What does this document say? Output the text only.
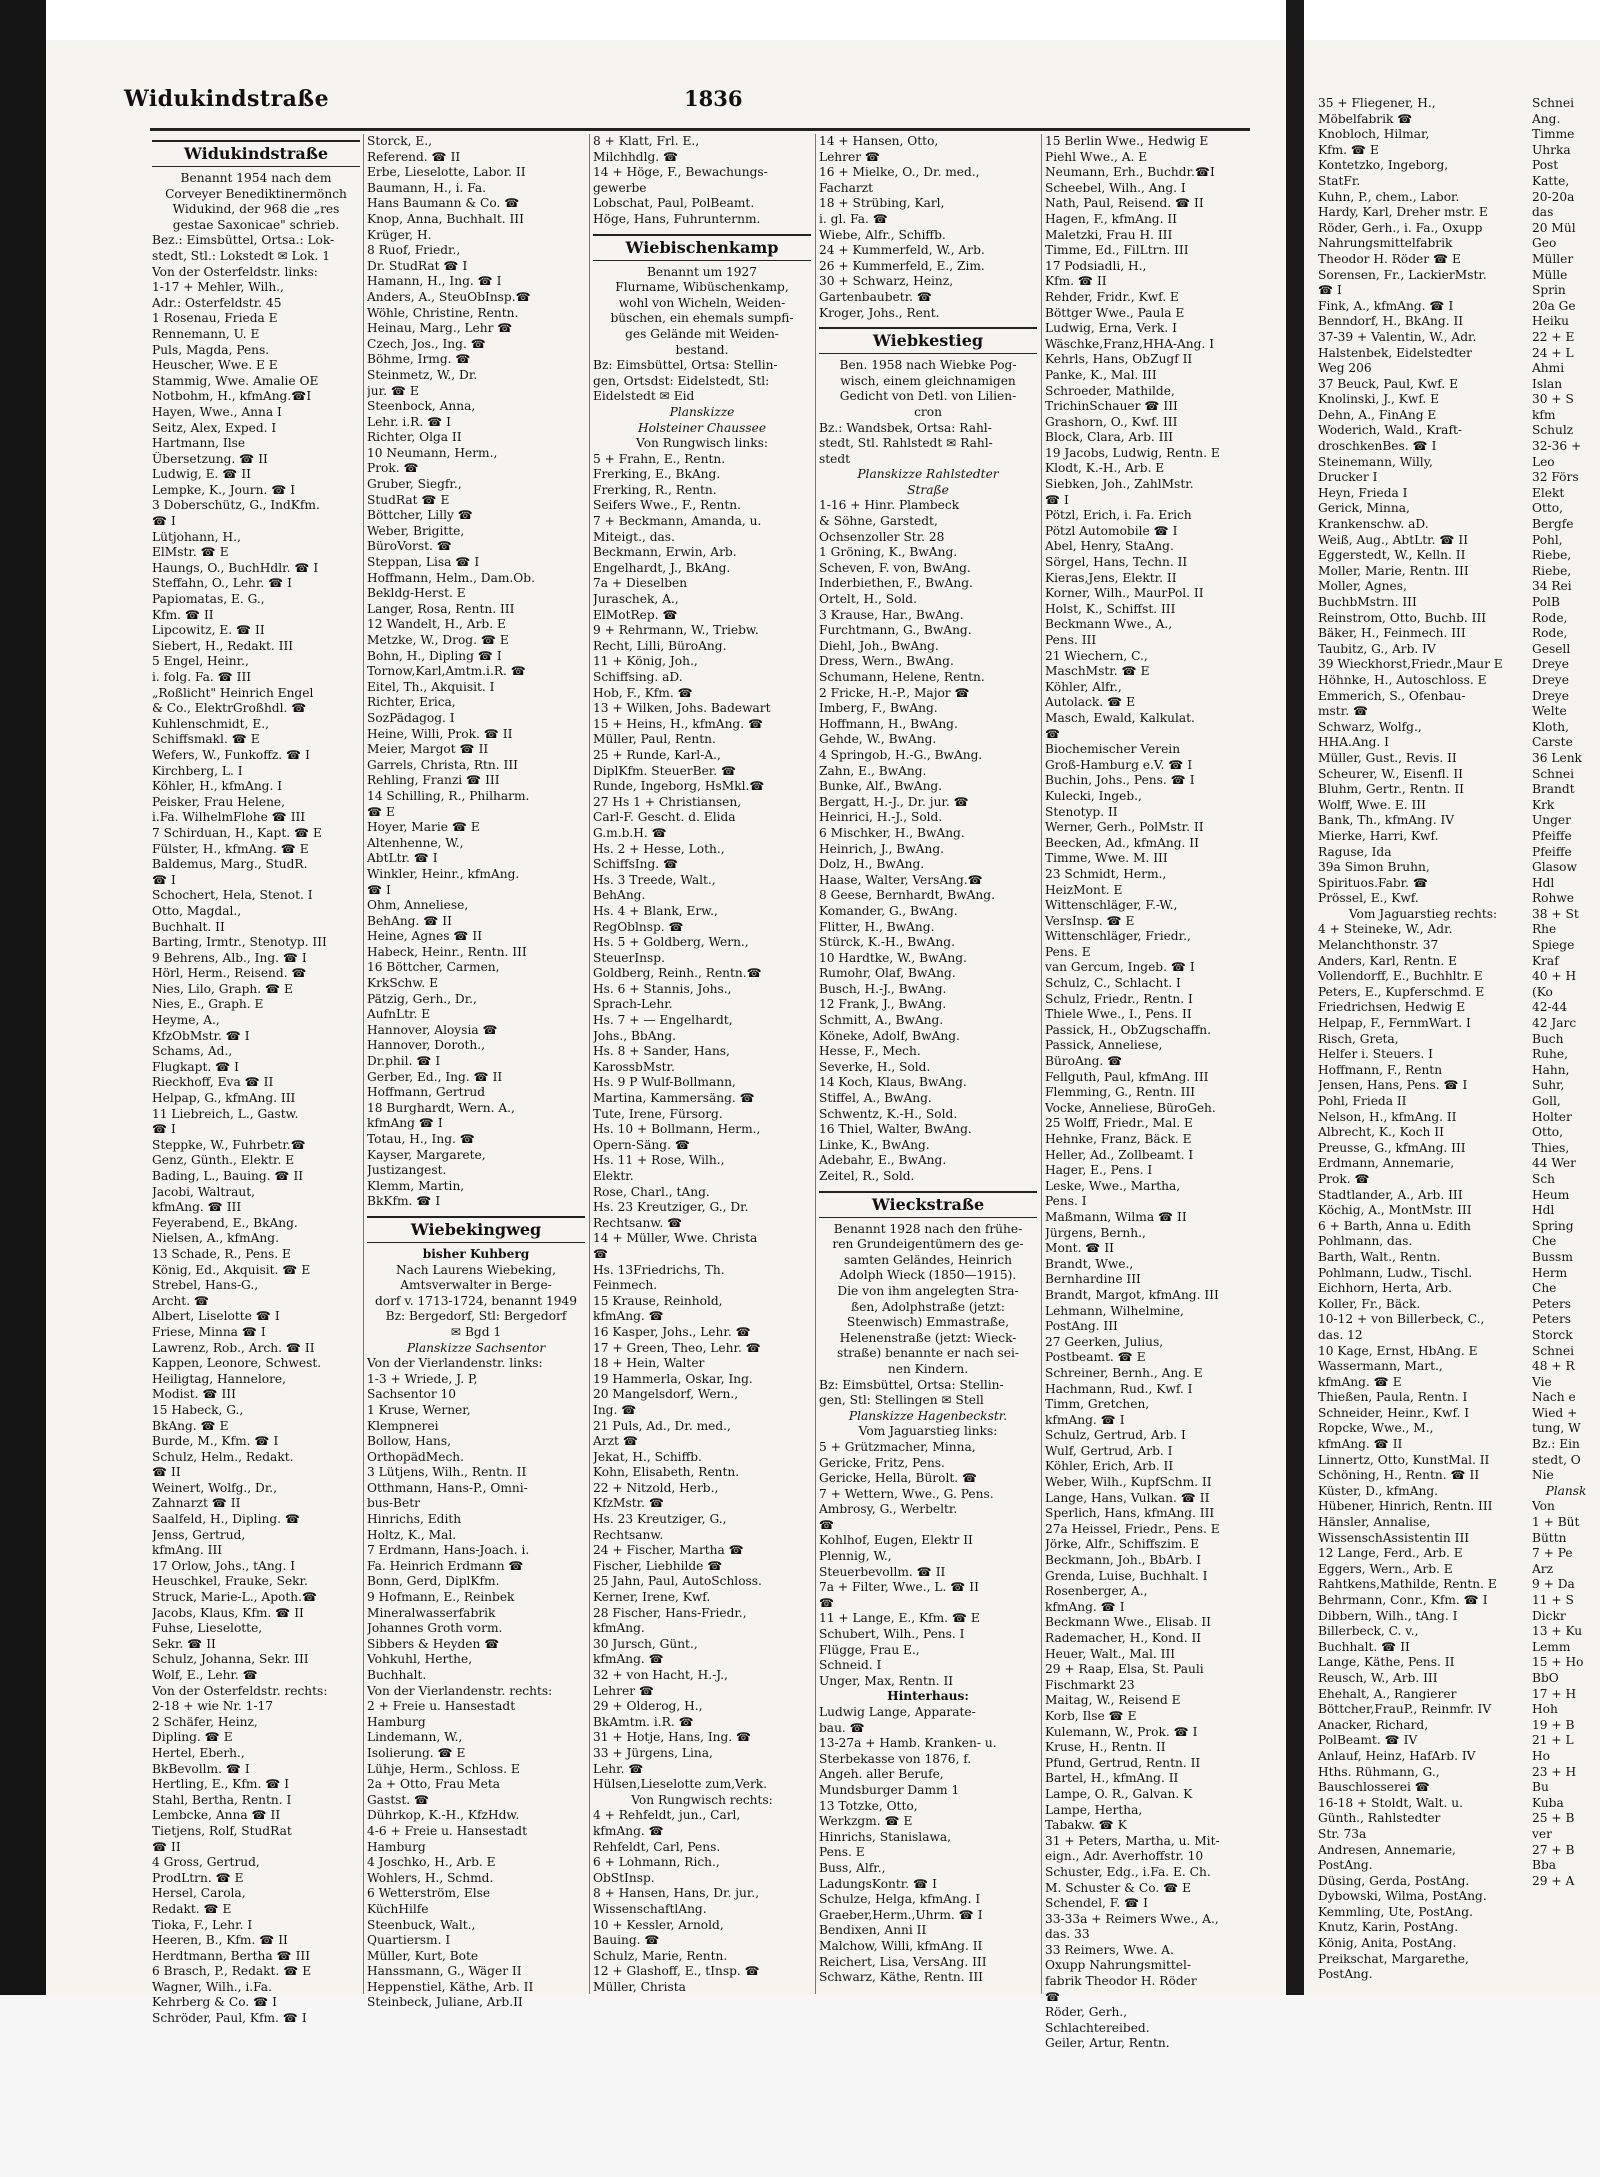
Widukindstraße	1836
Widukindstraße
Benannt 1954 nach dem
Corveyer Benediktinermönch
Widukind, der 968 die „res
gestae Saxonicae" schrieb.
Bez.: Eimsbüttel, Ortsa.: Lok-
stedt, Stl.: Lokstedt ✉ Lok. 1
Von der Osterfeldstr. links:
1-17 + Mehler, Wilh.,
Adr.: Osterfeldstr. 45
1 Rosenau, Frieda E
Rennemann, U. E
Puls, Magda, Pens.
Heuscher, Wwe. E E
Stammig, Wwe. Amalie OE
Notbohm, H., kfmAng.☎I
Hayen, Wwe., Anna I
Seitz, Alex, Exped. I
Hartmann, Ilse
Übersetzung. ☎ II
Ludwig, E. ☎ II
Lempke, K., Journ. ☎ I
3 Doberschütz, G., IndKfm.
☎ I
Lütjohann, H.,
ElMstr. ☎ E
Haungs, O., BuchHdlr. ☎ I
Steffahn, O., Lehr. ☎ I
Papiomatas, E. G.,
Kfm. ☎ II
Lipcowitz, E. ☎ II
Siebert, H., Redakt. III
5 Engel, Heinr.,
i. folg. Fa. ☎ III
„Roßlicht" Heinrich Engel
& Co., ElektrGroßhdl. ☎
Kuhlenschmidt, E.,
Schiffsmakl. ☎ E
Wefers, W., Funkoffz. ☎ I
Kirchberg, L. I
Köhler, H., kfmAng. I
Peisker, Frau Helene,
i.Fa. WilhelmFlohe ☎ III
7 Schirduan, H., Kapt. ☎ E
Fülster, H., kfmAng. ☎ E
Baldemus, Marg., StudR.
☎ I
Schochert, Hela, Stenot. I
Otto, Magdal.,
Buchhalt. II
Barting, Irmtr., Stenotyp. III
9 Behrens, Alb., Ing. ☎ I
Hörl, Herm., Reisend. ☎
Nies, Lilo, Graph. ☎ E
Nies, E., Graph. E
Heyme, A.,
KfzObMstr. ☎ I
Schams, Ad.,
Flugkapt. ☎ I
Rieckhoff, Eva ☎ II
Helpap, G., kfmAng. III
11 Liebreich, L., Gastw.
☎ I
Steppke, W., Fuhrbetr.☎
Genz, Günth., Elektr. E
Bading, L., Bauing. ☎ II
Jacobi, Waltraut,
kfmAng. ☎ III
Feyerabend, E., BkAng.
Nielsen, A., kfmAng.
13 Schade, R., Pens. E
König, Ed., Akquisit. ☎ E
Strebel, Hans-G.,
Archt. ☎
Albert, Liselotte ☎ I
Friese, Minna ☎ I
Lawrenz, Rob., Arch. ☎ II
Kappen, Leonore, Schwest.
Heiligtag, Hannelore,
Modist. ☎ III
15 Habeck, G.,
BkAng. ☎ E
Burde, M., Kfm. ☎ I
Schulz, Helm., Redakt.
☎ II
Weinert, Wolfg., Dr.,
Zahnarzt ☎ II
Saalfeld, H., Dipling. ☎
Jenss, Gertrud,
kfmAng. III
17 Orlow, Johs., tAng. I
Heuschkel, Frauke, Sekr.
Struck, Marie-L., Apoth.☎
Jacobs, Klaus, Kfm. ☎ II
Fuhse, Lieselotte,
Sekr. ☎ II
Schulz, Johanna, Sekr. III
Wolf, E., Lehr. ☎
Von der Osterfeldstr. rechts:
2-18 + wie Nr. 1-17
2 Schäfer, Heinz,
Dipling. ☎ E
Hertel, Eberh.,
BkBevollm. ☎ I
Hertling, E., Kfm. ☎ I
Stahl, Bertha, Rentn. I
Lembcke, Anna ☎ II
Tietjens, Rolf, StudRat
☎ II
4 Gross, Gertrud,
ProdLtrn. ☎ E
Hersel, Carola,
Redakt. ☎ E
Tioka, F., Lehr. I
Heeren, B., Kfm. ☎ II
Herdtmann, Bertha ☎ III
6 Brasch, P., Redakt. ☎ E
Wagner, Wilh., i.Fa.
Kehrberg & Co. ☎ I
Schröder, Paul, Kfm. ☎ I
Storck, E.,
Referend. ☎ II
Erbe, Lieselotte, Labor. II
Baumann, H., i. Fa.
Hans Baumann & Co. ☎
Knop, Anna, Buchhalt. III
Krüger, H.
8 Ruof, Friedr.,
Dr. StudRat ☎ I
Hamann, H., Ing. ☎ I
Anders, A., SteuObInsp.☎
Wöhle, Christine, Rentn.
Heinau, Marg., Lehr ☎
Czech, Jos., Ing. ☎
Böhme, Irmg. ☎
Steinmetz, W., Dr.
jur. ☎ E
Steenbock, Anna,
Lehr. i.R. ☎ I
Richter, Olga II
10 Neumann, Herm.,
Prok. ☎
Gruber, Siegfr.,
StudRat ☎ E
Böttcher, Lilly ☎
Weber, Brigitte,
BüroVorst. ☎
Steppan, Lisa ☎ I
Hoffmann, Helm., Dam.Ob.
Bekldg-Herst. E
Langer, Rosa, Rentn. III
12 Wandelt, H., Arb. E
Metzke, W., Drog. ☎ E
Bohn, H., Dipling ☎ I
Tornow,Karl,Amtm.i.R. ☎
Eitel, Th., Akquisit. I
Richter, Erica,
SozPädagog. I
Heine, Willi, Prok. ☎ II
Meier, Margot ☎ II
Garrels, Christa, Rtn. III
Rehling, Franzi ☎ III
14 Schilling, R., Philharm.
☎ E
Hoyer, Marie ☎ E
Altenhenne, W.,
AbtLtr. ☎ I
Winkler, Heinr., kfmAng.
☎ I
Ohm, Anneliese,
BehAng. ☎ II
Heine, Agnes ☎ II
Habeck, Heinr., Rentn. III
16 Böttcher, Carmen,
KrkSchw. E
Pätzig, Gerh., Dr.,
AufnLtr. E
Hannover, Aloysia ☎
Hannover, Doroth.,
Dr.phil. ☎ I
Gerber, Ed., Ing. ☎ II
Hoffmann, Gertrud
18 Burghardt, Wern. A.,
kfmAng ☎ I
Totau, H., Ing. ☎
Kayser, Margarete,
Justizangest.
Klemm, Martin,
BkKfm. ☎ I
Wiebekingweg
bisher Kuhberg
Nach Laurens Wiebeking,
Amtsverwalter in Berge-
dorf v. 1713-1724, benannt 1949
Bz: Bergedorf, Stl: Bergedorf
✉ Bgd 1
Planskizze Sachsentor
Von der Vierlandenstr. links:
1-3 + Wriede, J. P,
Sachsentor 10
1 Kruse, Werner,
Klempnerei
Bollow, Hans,
OrthopädMech.
3 Lütjens, Wilh., Rentn. II
Otthmann, Hans-P., Omni-
bus-Betr
Hinrichs, Edith
Holtz, K., Mal.
7 Erdmann, Hans-Joach. i.
Fa. Heinrich Erdmann ☎
Bonn, Gerd, DiplKfm.
9 Hofmann, E., Reinbek
Mineralwasserfabrik
Johannes Groth vorm.
Sibbers & Heyden ☎
Vohkuhl, Herthe,
Buchhalt.
Von der Vierlandenstr. rechts:
2 + Freie u. Hansestadt
Hamburg
Lindemann, W.,
Isolierung. ☎ E
Lühje, Herm., Schloss. E
2a + Otto, Frau Meta
Gastst. ☎
Dührkop, K.-H., KfzHdw.
4-6 + Freie u. Hansestadt
Hamburg
4 Joschko, H., Arb. E
Wohlers, H., Schmd.
6 Wetterström, Else
KüchHilfe
Steenbuck, Walt.,
Quartiersm. I
Müller, Kurt, Bote
Hanssmann, G., Wäger II
Heppenstiel, Käthe, Arb. II
Steinbeck, Juliane, Arb.II
8 + Klatt, Frl. E.,
Milchhdlg. ☎
14 + Höge, F., Bewachungs-
gewerbe
Lobschat, Paul, PolBeamt.
Höge, Hans, Fuhrunternm.
Wiebischenkamp
Benannt um 1927
Flurname, Wibüschenkamp,
wohl von Wicheln, Weiden-
büschen, ein ehemals sumpfi-
ges Gelände mit Weiden-
bestand.
Bz: Eimsbüttel, Ortsa: Stellin-
gen, Ortsdst: Eidelstedt, Stl:
Eidelstedt ✉ Eid
Planskizze
Holsteiner Chaussee
Von Rungwisch links:
5 + Frahn, E., Rentn.
Frerking, E., BkAng.
Frerking, R., Rentn.
Seifers Wwe., F., Rentn.
7 + Beckmann, Amanda, u.
Miteigt., das.
Beckmann, Erwin, Arb.
Engelhardt, J., BkAng.
7a + Dieselben
Juraschek, A.,
ElMotRep. ☎
9 + Rehrmann, W., Triebw.
Recht, Lilli, BüroAng.
11 + König, Joh.,
Schiffsing. aD.
Hob, F., Kfm. ☎
13 + Wilken, Johs. Badewart
15 + Heins, H., kfmAng. ☎
Müller, Paul, Rentn.
25 + Runde, Karl-A.,
DiplKfm. SteuerBer. ☎
Runde, Ingeborg, HsMkl.☎
27 Hs 1 + Christiansen,
Carl-F. Gescht. d. Elida
G.m.b.H. ☎
Hs. 2 + Hesse, Loth.,
SchiffsIng. ☎
Hs. 3 Treede, Walt.,
BehAng.
Hs. 4 + Blank, Erw.,
RegOblnsp. ☎
Hs. 5 + Goldberg, Wern.,
SteuerInsp.
Goldberg, Reinh., Rentn.☎
Hs. 6 + Stannis, Johs.,
Sprach-Lehr.
Hs. 7 + — Engelhardt,
Johs., BbAng.
Hs. 8 + Sander, Hans,
KarossbMstr.
Hs. 9 P Wulf-Bollmann,
Martina, Kammersäng. ☎
Tute, Irene, Fürsorg.
Hs. 10 + Bollmann, Herm.,
Opern-Säng. ☎
Hs. 11 + Rose, Wilh.,
Elektr.
Rose, Charl., tAng.
Hs. 23 Kreutziger, G., Dr.
Rechtsanw. ☎
14 + Müller, Wwe. Christa
☎
Hs. 13Friedrichs, Th.
Feinmech.
15 Krause, Reinhold,
kfmAng. ☎
16 Kasper, Johs., Lehr. ☎
17 + Green, Theo, Lehr. ☎
18 + Hein, Walter
19 Hammerla, Oskar, Ing.
20 Mangelsdorf, Wern.,
Ing. ☎
21 Puls, Ad., Dr. med.,
Arzt ☎
Jekat, H., Schiffb.
Kohn, Elisabeth, Rentn.
22 + Nitzold, Herb.,
KfzMstr. ☎
Hs. 23 Kreutziger, G.,
Rechtsanw.
24 + Fischer, Martha ☎
Fischer, Liebhilde ☎
25 Jahn, Paul, AutoSchloss.
Kerner, Irene, Kwf.
28 Fischer, Hans-Friedr.,
kfmAng.
30 Jursch, Günt.,
kfmAng. ☎
32 + von Hacht, H.-J.,
Lehrer ☎
29 + Olderog, H.,
BkAmtm. i.R. ☎
31 + Hotje, Hans, Ing. ☎
33 + Jürgens, Lina,
Lehr. ☎
Hülsen,Lieselotte zum,Verk.
Von Rungwisch rechts:
4 + Rehfeldt, jun., Carl,
kfmAng. ☎
Rehfeldt, Carl, Pens.
6 + Lohmann, Rich.,
ObStInsp.
8 + Hansen, Hans, Dr. jur.,
WissenschaftlAng.
10 + Kessler, Arnold,
Bauing. ☎
Schulz, Marie, Rentn.
12 + Glashoff, E., tInsp. ☎
Müller, Christa
14 + Hansen, Otto,
Lehrer ☎
16 + Mielke, O., Dr. med.,
Facharzt
18 + Strübing, Karl,
i. gl. Fa. ☎
Wiebe, Alfr., Schiffb.
24 + Kummerfeld, W., Arb.
26 + Kummerfeld, E., Zim.
30 + Schwarz, Heinz,
Gartenbaubetr. ☎
Kroger, Johs., Rent.
Wiebkestieg
Ben. 1958 nach Wiebke Pog-
wisch, einem gleichnamigen
Gedicht von Detl. von Lilien-
cron
Bz.: Wandsbek, Ortsa: Rahl-
stedt, Stl. Rahlstedt ✉ Rahl-
stedt
Planskizze Rahlstedter
Straße
1-16 + Hinr. Plambeck
& Söhne, Garstedt,
Ochsenzoller Str. 28
1 Gröning, K., BwAng.
Scheven, F. von, BwAng.
Inderbiethen, F., BwAng.
Ortelt, H., Sold.
3 Krause, Har., BwAng.
Furchtmann, G., BwAng.
Diehl, Joh., BwAng.
Dress, Wern., BwAng.
Schumann, Helene, Rentn.
2 Fricke, H.-P., Major ☎
Imberg, F., BwAng.
Hoffmann, H., BwAng.
Gehde, W., BwAng.
4 Springob, H.-G., BwAng.
Zahn, E., BwAng.
Bunke, Alf., BwAng.
Bergatt, H.-J., Dr. jur. ☎
Heinrici, H.-J., Sold.
6 Mischker, H., BwAng.
Heinrich, J., BwAng.
Dolz, H., BwAng.
Haase, Walter, VersAng.☎
8 Geese, Bernhardt, BwAng.
Komander, G., BwAng.
Flitter, H., BwAng.
Stürck, K.-H., BwAng.
10 Hardtke, W., BwAng.
Rumohr, Olaf, BwAng.
Busch, H.-J., BwAng.
12 Frank, J., BwAng.
Schmitt, A., BwAng.
Köneke, Adolf, BwAng.
Hesse, F., Mech.
Severke, H., Sold.
14 Koch, Klaus, BwAng.
Stiffel, A., BwAng.
Schwentz, K.-H., Sold.
16 Thiel, Walter, BwAng.
Linke, K., BwAng.
Adebahr, E., BwAng.
Zeitel, R., Sold.
Wieckstraße
Benannt 1928 nach den frühe-
ren Grundeigentümern des ge-
samten Geländes, Heinrich
Adolph Wieck (1850—1915).
Die von ihm angelegten Stra-
ßen, Adolphstraße (jetzt:
Steenwisch) Emmastraße,
Helenenstraße (jetzt: Wieck-
straße) benannte er nach sei-
nen Kindern.
Bz: Eimsbüttel, Ortsa: Stellin-
gen, Stl: Stellingen ✉ Stell
Planskizze Hagenbeckstr.
Vom Jaguarstieg links:
5 + Grützmacher, Minna,
Gericke, Fritz, Pens.
Gericke, Hella, Bürolt. ☎
7 + Wettern, Wwe., G. Pens.
Ambrosy, G., Werbeltr.
☎
Kohlhof, Eugen, Elektr II
Plennig, W.,
Steuerbevollm. ☎ II
7a + Filter, Wwe., L. ☎ II
☎
11 + Lange, E., Kfm. ☎ E
Schubert, Wilh., Pens. I
Flügge, Frau E.,
Schneid. I
Unger, Max, Rentn. II
Hinterhaus:
Ludwig Lange, Apparate-
bau. ☎
13-27a + Hamb. Kranken- u.
Sterbekasse von 1876, f.
Angeh. aller Berufe,
Mundsburger Damm 1
13 Totzke, Otto,
Werkzgm. ☎ E
Hinrichs, Stanislawa,
Pens. E
Buss, Alfr.,
LadungsKontr. ☎ I
Schulze, Helga, kfmAng. I
Graeber,Herm.,Uhrm. ☎ I
Bendixen, Anni II
Malchow, Willi, kfmAng. II
Reichert, Lisa, VersAng. III
Schwarz, Käthe, Rentn. III
15 Berlin Wwe., Hedwig E
Piehl Wwe., A. E
Neumann, Erh., Buchdr.☎I
Scheebel, Wilh., Ang. I
Nath, Paul, Reisend. ☎ II
Hagen, F., kfmAng. II
Maletzki, Frau H. III
Timme, Ed., FilLtrn. III
17 Podsiadli, H.,
Kfm. ☎ II
Rehder, Fridr., Kwf. E
Böttger Wwe., Paula E
Ludwig, Erna, Verk. I
Wäschke,Franz,HHA-Ang. I
Kehrls, Hans, ObZugf II
Panke, K., Mal. III
Schroeder, Mathilde,
TrichinSchauer ☎ III
Grashorn, O., Kwf. III
Block, Clara, Arb. III
19 Jacobs, Ludwig, Rentn. E
Klodt, K.-H., Arb. E
Siebken, Joh., ZahlMstr.
☎ I
Pötzl, Erich, i. Fa. Erich
Pötzl Automobile ☎ I
Abel, Henry, StaAng.
Sörgel, Hans, Techn. II
Kieras,Jens, Elektr. II
Korner, Wilh., MaurPol. II
Holst, K., Schiffst. III
Beckmann Wwe., A.,
Pens. III
21 Wiechern, C.,
MaschMstr. ☎ E
Köhler, Alfr.,
Autolack. ☎ E
Masch, Ewald, Kalkulat.
☎
Biochemischer Verein
Groß-Hamburg e.V. ☎ I
Buchin, Johs., Pens. ☎ I
Kulecki, Ingeb.,
Stenotyp. II
Werner, Gerh., PolMstr. II
Beecken, Ad., kfmAng. II
Timme, Wwe. M. III
23 Schmidt, Herm.,
HeizMont. E
Wittenschläger, F.-W.,
VersInsp. ☎ E
Wittenschläger, Friedr.,
Pens. E
van Gercum, Ingeb. ☎ I
Schulz, C., Schlacht. I
Schulz, Friedr., Rentn. I
Thiele Wwe., I., Pens. II
Passick, H., ObZugschaffn.
Passick, Anneliese,
BüroAng. ☎
Fellguth, Paul, kfmAng. III
Flemming, G., Rentn. III
Vocke, Anneliese, BüroGeh.
25 Wolff, Friedr., Mal. E
Hehnke, Franz, Bäck. E
Heller, Ad., Zollbeamt. I
Hager, E., Pens. I
Leske, Wwe., Martha,
Pens. I
Maßmann, Wilma ☎ II
Jürgens, Bernh.,
Mont. ☎ II
Brandt, Wwe.,
Bernhardine III
Brandt, Margot, kfmAng. III
Lehmann, Wilhelmine,
PostAng. III
27 Geerken, Julius,
Postbeamt. ☎ E
Schreiner, Bernh., Ang. E
Hachmann, Rud., Kwf. I
Timm, Gretchen,
kfmAng. ☎ I
Schulz, Gertrud, Arb. I
Wulf, Gertrud, Arb. I
Köhler, Erich, Arb. II
Weber, Wilh., KupfSchm. II
Lange, Hans, Vulkan. ☎ II
Sperlich, Hans, kfmAng. III
27a Heissel, Friedr., Pens. E
Jörke, Alfr., Schiffszim. E
Beckmann, Joh., BbArb. I
Grenda, Luise, Buchhalt. I
Rosenberger, A.,
kfmAng. ☎ I
Beckmann Wwe., Elisab. II
Rademacher, H., Kond. II
Heuer, Walt., Mal. III
29 + Raap, Elsa, St. Pauli
Fischmarkt 23
Maitag, W., Reisend E
Korb, Ilse ☎ E
Kulemann, W., Prok. ☎ I
Kruse, H., Rentn. II
Pfund, Gertrud, Rentn. II
Bartel, H., kfmAng. II
Lampe, O. R., Galvan. K
Lampe, Hertha,
Tabakw. ☎ K
31 + Peters, Martha, u. Mit-
eign., Adr. Averhoffstr. 10
Schuster, Edg., i.Fa. E. Ch.
M. Schuster & Co. ☎ E
Schendel, F. ☎ I
33-33a + Reimers Wwe., A.,
das. 33
33 Reimers, Wwe. A.
Oxupp Nahrungsmittel-
fabrik Theodor H. Röder
☎
Röder, Gerh.,
Schlachtereibed.
Geiler, Artur, Rentn.
35 + Fliegener, H.,
Möbelfabrik ☎
Knobloch, Hilmar,
Kfm. ☎ E
Kontetzko, Ingeborg,
StatFr.
Kuhn, P., chem., Labor.
Hardy, Karl, Dreher mstr. E
Röder, Gerh., i. Fa., Oxupp
Nahrungsmittelfabrik
Theodor H. Röder ☎ E
Sorensen, Fr., LackierMstr.
☎ I
Fink, A., kfmAng. ☎ I
Benndorf, H., BkAng. II
37-39 + Valentin, W., Adr.
Halstenbek, Eidelstedter
Weg 206
37 Beuck, Paul, Kwf. E
Knolinski, J., Kwf. E
Dehn, A., FinAng E
Woderich, Wald., Kraft-
droschkenBes. ☎ I
Steinemann, Willy,
Drucker I
Heyn, Frieda I
Gerick, Minna,
Krankenschw. aD.
Weiß, Aug., AbtLtr. ☎ II
Eggerstedt, W., Kelln. II
Moller, Marie, Rentn. III
Moller, Agnes,
BuchbMstrn. III
Reinstrom, Otto, Buchb. III
Bäker, H., Feinmech. III
Taubitz, G., Arb. IV
39 Wieckhorst,Friedr.,Maur E
Höhnke, H., Autoschloss. E
Emmerich, S., Ofenbau-
mstr. ☎
Schwarz, Wolfg.,
HHA.Ang. I
Müller, Gust., Revis. II
Scheurer, W., Eisenfl. II
Bluhm, Gertr., Rentn. II
Wolff, Wwe. E. III
Bank, Th., kfmAng. IV
Mierke, Harri, Kwf.
Raguse, Ida
39a Simon Bruhn,
Spirituos.Fabr. ☎
Prössel, E., Kwf.
Vom Jaguarstieg rechts:
4 + Steineke, W., Adr.
Melanchthonstr. 37
Anders, Karl, Rentn. E
Vollendorff, E., Buchhltr. E
Peters, E., Kupferschmd. E
Friedrichsen, Hedwig E
Helpap, F., FernmWart. I
Risch, Greta,
Helfer i. Steuers. I
Hoffmann, F., Rentn
Jensen, Hans, Pens. ☎ I
Pohl, Frieda II
Nelson, H., kfmAng. II
Albrecht, K., Koch II
Preusse, G., kfmAng. III
Erdmann, Annemarie,
Prok. ☎
Stadtlander, A., Arb. III
Köchig, A., MontMstr. III
6 + Barth, Anna u. Edith
Pohlmann, das.
Barth, Walt., Rentn.
Pohlmann, Ludw., Tischl.
Eichhorn, Herta, Arb.
Koller, Fr., Bäck.
10-12 + von Billerbeck, C.,
das. 12
10 Kage, Ernst, HbAng. E
Wassermann, Mart.,
kfmAng. ☎ E
Thießen, Paula, Rentn. I
Schneider, Heinr., Kwf. I
Ropcke, Wwe., M.,
kfmAng. ☎ II
Linnertz, Otto, KunstMal. II
Schöning, H., Rentn. ☎ II
Küster, D., kfmAng.
Hübener, Hinrich, Rentn. III
Hänsler, Annalise,
WissenschAssistentin III
12 Lange, Ferd., Arb. E
Eggers, Wern., Arb. E
Rahtkens,Mathilde, Rentn. E
Behrmann, Conr., Kfm. ☎ I
Dibbern, Wilh., tAng. I
Billerbeck, C. v.,
Buchhalt. ☎ II
Lange, Käthe, Pens. II
Reusch, W., Arb. III
Ehehalt, A., Rangierer
Böttcher,FrauP., Reinmfr. IV
Anacker, Richard,
PolBeamt. ☎ IV
Anlauf, Heinz, HafArb. IV
Hths. Rühmann, G.,
Bauschlosserei ☎
16-18 + Stoldt, Walt. u.
Günth., Rahlstedter
Str. 73a
Andresen, Annemarie,
PostAng.
Düsing, Gerda, PostAng.
Dybowski, Wilma, PostAng.
Kemmling, Ute, PostAng.
Knutz, Karin, PostAng.
König, Anita, PostAng.
Preikschat, Margarethe,
PostAng.
Schnei
Ang.
Timme
Uhrka
Post
Katte,
20-20a
das
20 Mül
Geo
Müller
Mülle
Sprin
20a Ge
Heiku
22 + E
24 + L
Ahmi
Islan
30 + S
kfm
Schulz
32-36 +
Leo
32 Förs
Elekt
Otto,
Bergfe
Pohl,
Riebe,
Riebe,
34 Rei
PolB
Rode,
Rode,
Gesell
Dreye
Dreye
Dreye
Welte
Kloth,
Carste
36 Lenk
Schnei
Brandt
Krk
Unger
Pfeiffe
Pfeiffe
Glasow
Hdl
Rohwe
38 + St
Rhe
Spiege
Kraf
40 + H
(Ko
42-44
42 Jarc
Buch
Ruhe,
Hahn,
Suhr,
Goll,
Holter
Otto,
Thies,
44 Wer
Sch
Heum
Hdl
Spring
Che
Bussm
Herm
Che
Peters
Peters
Storck
Schnei
48 + R
Vie
Nach e
Wied +
tung, W
Bz.: Ein
stedt, O
Nie
Plansk
Von
1 + Büt
Büttn
7 + Pe
Arz
9 + Da
11 + S
Dickr
13 + Ku
Lemm
15 + Ho
BbO
17 + H
Hoh
19 + B
21 + L
Ho
23 + H
Bu
Kuba
25 + B
ver
27 + B
Bba
29 + A
